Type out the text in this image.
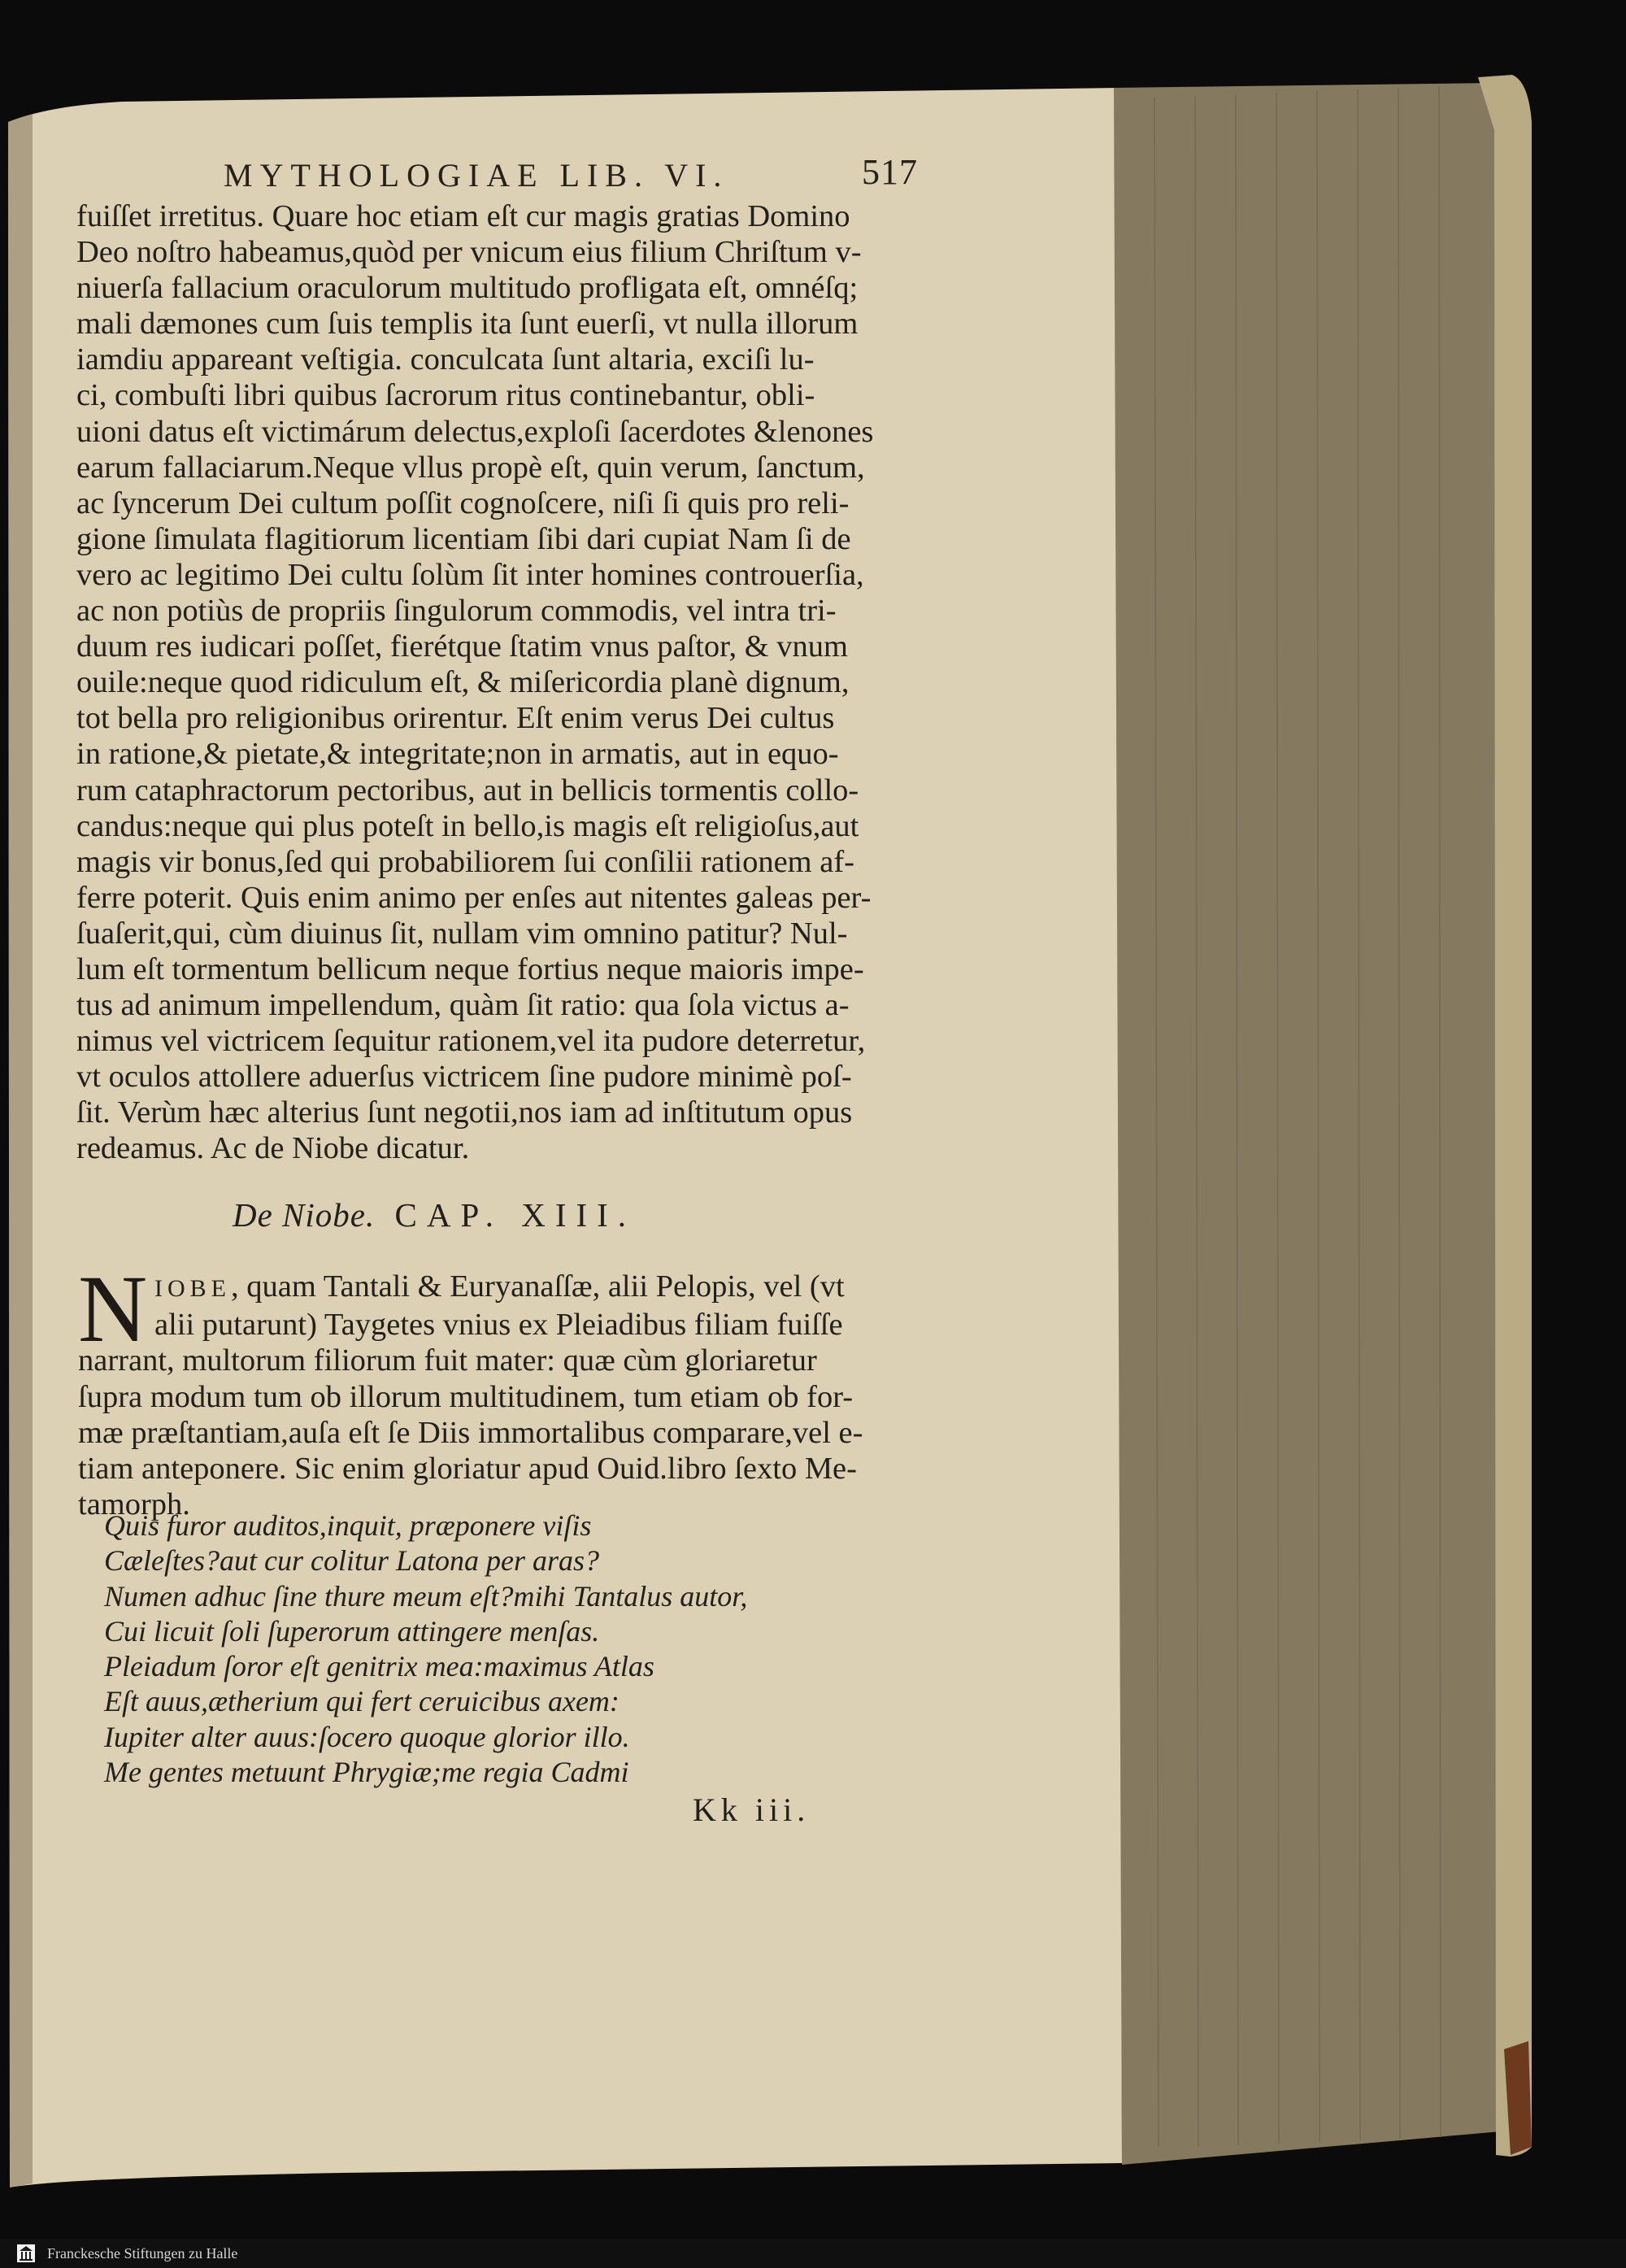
MYTHOLOGIAE LIB. VI.	517
fuiſſet irretitus. Quare hoc etiam eſt cur magis gratias Domino
Deo noſtro habeamus,quòd per vnicum eius filium Chriſtum v-
niuerſa fallacium oraculorum multitudo profligata eſt, omnéſq;
mali dæmones cum ſuis templis ita ſunt euerſi, vt nulla illorum
iamdiu appareant veſtigia. conculcata ſunt altaria, exciſi lu-
ci, combuſti libri quibus ſacrorum ritus continebantur, obli-
uioni datus eſt victimárum delectus,exploſi ſacerdotes &lenones
earum fallaciarum.Neque vllus propè eſt, quin verum, ſanctum,
ac ſyncerum Dei cultum poſſit cognoſcere, niſi ſi quis pro reli-
gione ſimulata flagitiorum licentiam ſibi dari cupiat Nam ſi de
vero ac legitimo Dei cultu ſolùm ſit inter homines controuerſia,
ac non potiùs de propriis ſingulorum commodis, vel intra tri-
duum res iudicari poſſet, fierétque ſtatim vnus paſtor, & vnum
ouile:neque quod ridiculum eſt, & miſericordia planè dignum,
tot bella pro religionibus orirentur. Eſt enim verus Dei cultus
in ratione,& pietate,& integritate;non in armatis, aut in equo-
rum cataphractorum pectoribus, aut in bellicis tormentis collo-
candus:neque qui plus poteſt in bello,is magis eſt religioſus,aut
magis vir bonus,ſed qui probabiliorem ſui conſilii rationem af-
ferre poterit. Quis enim animo per enſes aut nitentes galeas per-
ſuaſerit,qui, cùm diuinus ſit, nullam vim omnino patitur? Nul-
lum eſt tormentum bellicum neque fortius neque maioris impe-
tus ad animum impellendum, quàm ſit ratio: qua ſola victus a-
nimus vel victricem ſequitur rationem,vel ita pudore deterretur,
vt oculos attollere aduerſus victricem ſine pudore minimè poſ-
ſit. Verùm hæc alterius ſunt negotii,nos iam ad inſtitutum opus
redeamus. Ac de Niobe dicatur.
De Niobe. CAP. XIII.
N IOBE, quam Tantali & Euryanaſſæ, alii Pelopis, vel (vt
alii putarunt) Taygetes vnius ex Pleiadibus filiam fuiſſe
narrant, multorum filiorum fuit mater: quæ cùm gloriaretur
ſupra modum tum ob illorum multitudinem, tum etiam ob for-
mæ præſtantiam,auſa eſt ſe Diis immortalibus comparare,vel e-
tiam anteponere. Sic enim gloriatur apud Ouid.libro ſexto Me-
tamorph.
Quis furor auditos,inquit, præponere viſis
Cæleſtes?aut cur colitur Latona per aras?
Numen adhuc ſine thure meum eſt?mihi Tantalus autor,
Cui licuit ſoli ſuperorum attingere menſas.
Pleiadum ſoror eſt genitrix mea:maximus Atlas
Eſt auus,ætherium qui fert ceruicibus axem:
Iupiter alter auus:ſocero quoque glorior illo.
Me gentes metuunt Phrygiæ;me regia Cadmi
Kk iii.
Franckesche Stiftungen zu Halle
